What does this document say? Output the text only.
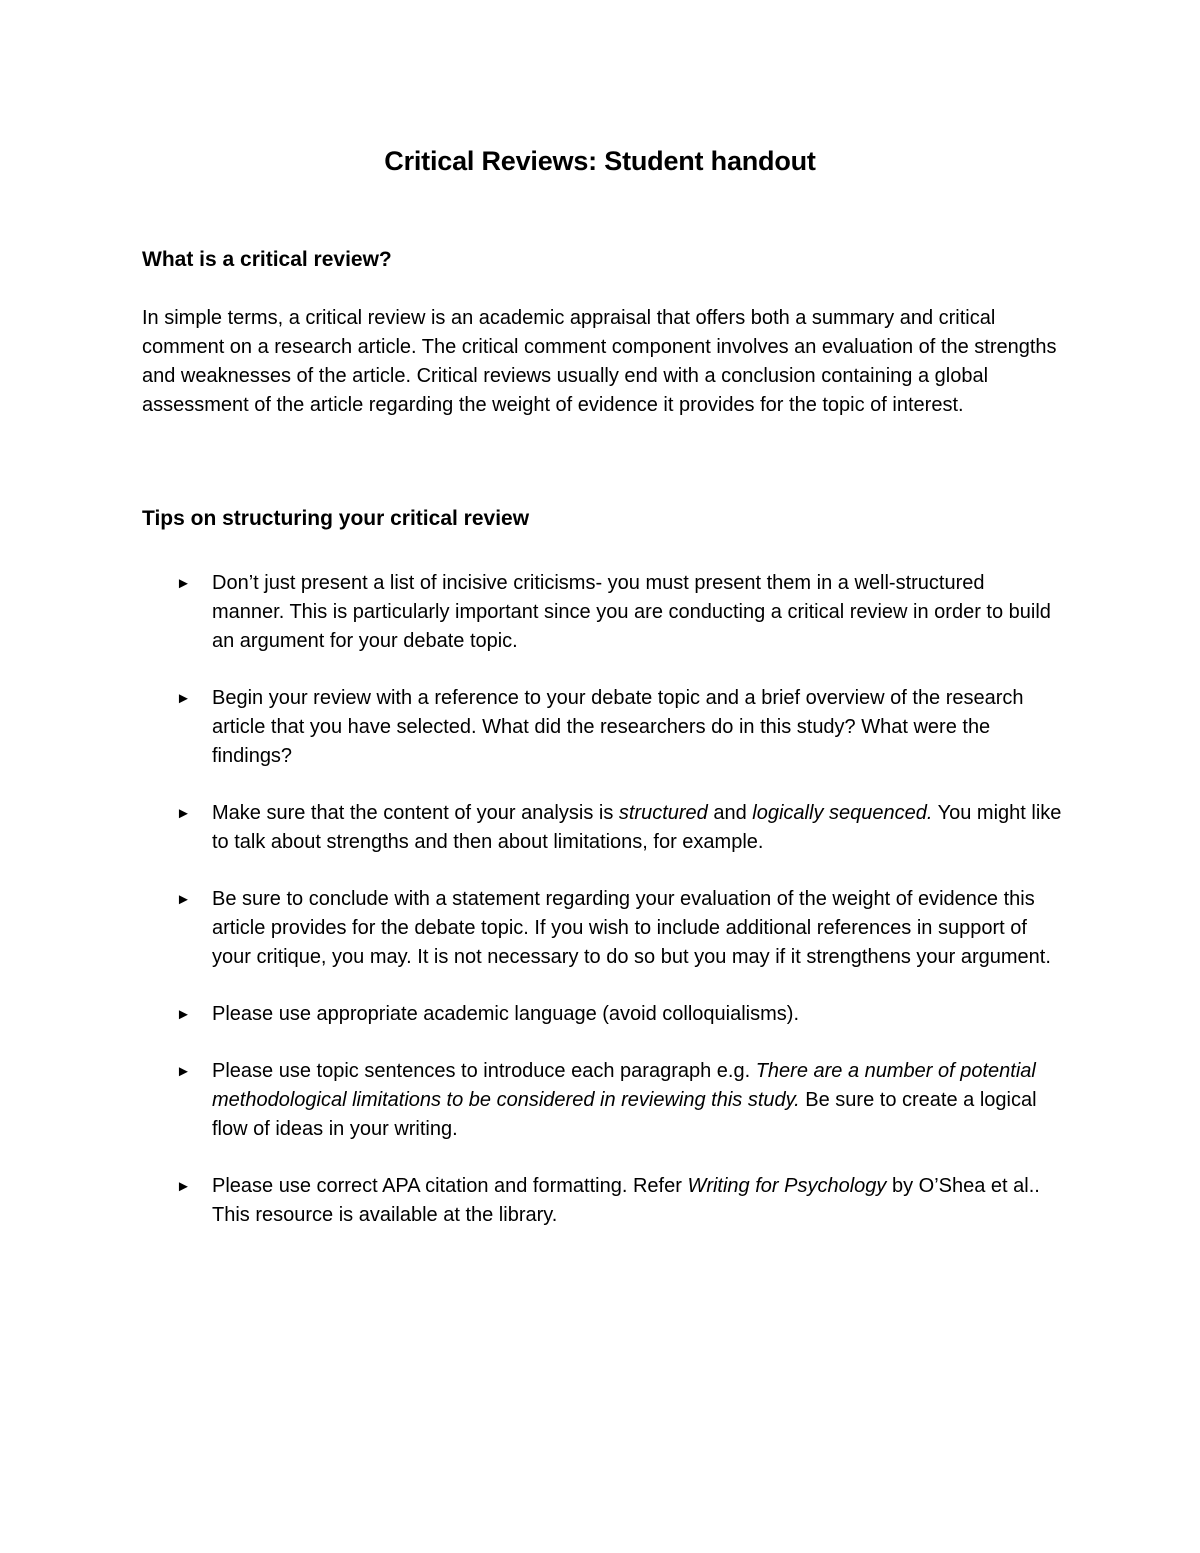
Critical Reviews: Student handout
What is a critical review?

In simple terms, a critical review is an academic appraisal that offers both a summary and critical comment on a research article. The critical comment component involves an evaluation of the strengths and weaknesses of the article. Critical reviews usually end with a conclusion containing a global assessment of the article regarding the weight of evidence it provides for the topic of interest.

Tips on structuring your critical review
► Don’t just present a list of incisive criticisms- you must present them in a well-structured manner. This is particularly important since you are conducting a critical review in order to build an argument for your debate topic.
► Begin your review with a reference to your debate topic and a brief overview of the research article that you have selected. What did the researchers do in this study? What were the findings?
► Make sure that the content of your analysis is structured and logically sequenced. You might like to talk about strengths and then about limitations, for example.
► Be sure to conclude with a statement regarding your evaluation of the weight of evidence this article provides for the debate topic. If you wish to include additional references in support of your critique, you may. It is not necessary to do so but you may if it strengthens your argument.
► Please use appropriate academic language (avoid colloquialisms).
► Please use topic sentences to introduce each paragraph e.g. There are a number of potential methodological limitations to be considered in reviewing this study. Be sure to create a logical flow of ideas in your writing.
► Please use correct APA citation and formatting. Refer Writing for Psychology by O’Shea et al.. This resource is available at the library.
